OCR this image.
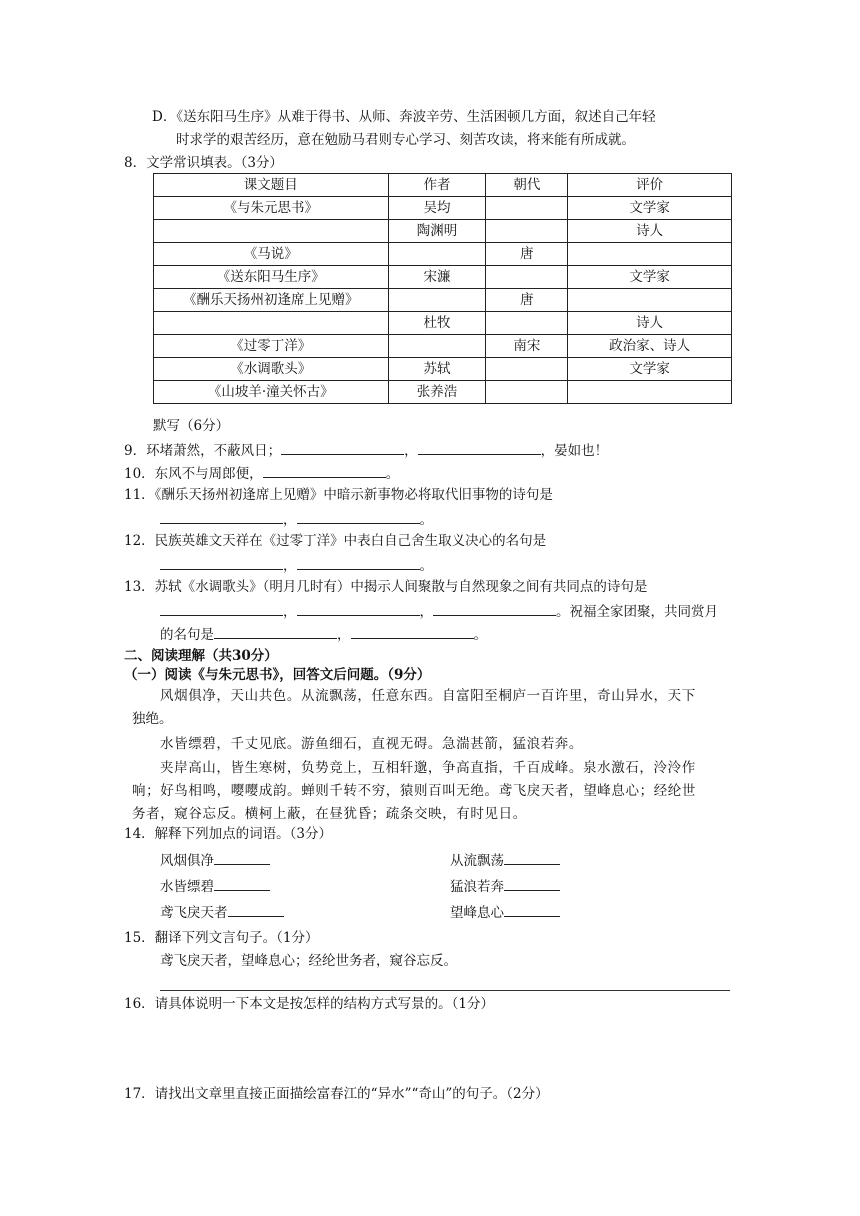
D．《送东阳马生序》从难于得书、从师、奔波辛劳、生活困顿几方面，叙述自己年轻
时求学的艰苦经历，意在勉励马君则专心学习、刻苦攻读，将来能有所成就。
8．文学常识填表。（3分）
课文题目	作者	朝代	评价
《与朱元思书》	吴均		文学家
	陶渊明		诗人
《马说》		唐	
《送东阳马生序》	宋濂		文学家
《酬乐天扬州初逢席上见赠》		唐	
	杜牧		诗人
《过零丁洋》		南宋	政治家、诗人
《水调歌头》	苏轼		文学家
《山坡羊·潼关怀古》	张养浩		
默写（6分）
9．环堵萧然，不蔽风日；	，	，晏如也！
10．东风不与周郎便，	。
11．《酬乐天扬州初逢席上见赠》中暗示新事物必将取代旧事物的诗句是
，	。
12．民族英雄文天祥在《过零丁洋》中表白自己舍生取义决心的名句是
，	。
13．苏轼《水调歌头》（明月几时有）中揭示人间聚散与自然现象之间有共同点的诗句是
，	，	。祝福全家团聚，共同赏月
的名句是	，	。
二、阅读理解（共30分）
（一）阅读《与朱元思书》，回答文后问题。（9分）
风烟俱净，天山共色。从流飘荡，任意东西。自富阳至桐庐一百许里，奇山异水，天下
独绝。
水皆缥碧，千丈见底。游鱼细石，直视无碍。急湍甚箭，猛浪若奔。
夹岸高山，皆生寒树，负势竞上，互相轩邈，争高直指，千百成峰。泉水激石，泠泠作
响；好鸟相鸣，嘤嘤成韵。蝉则千转不穷，猿则百叫无绝。鸢飞戾天者，望峰息心；经纶世
务者，窥谷忘反。横柯上蔽，在昼犹昏；疏条交映，有时见日。
14．解释下列加点的词语。（3分）
风烟俱净	从流飘荡
水皆缥碧	猛浪若奔
鸢飞戾天者	望峰息心
15．翻译下列文言句子。（1分）
鸢飞戾天者，望峰息心；经纶世务者，窥谷忘反。
16．请具体说明一下本文是按怎样的结构方式写景的。（1分）
17．请找出文章里直接正面描绘富春江的“异水”“奇山”的句子。（2分）
